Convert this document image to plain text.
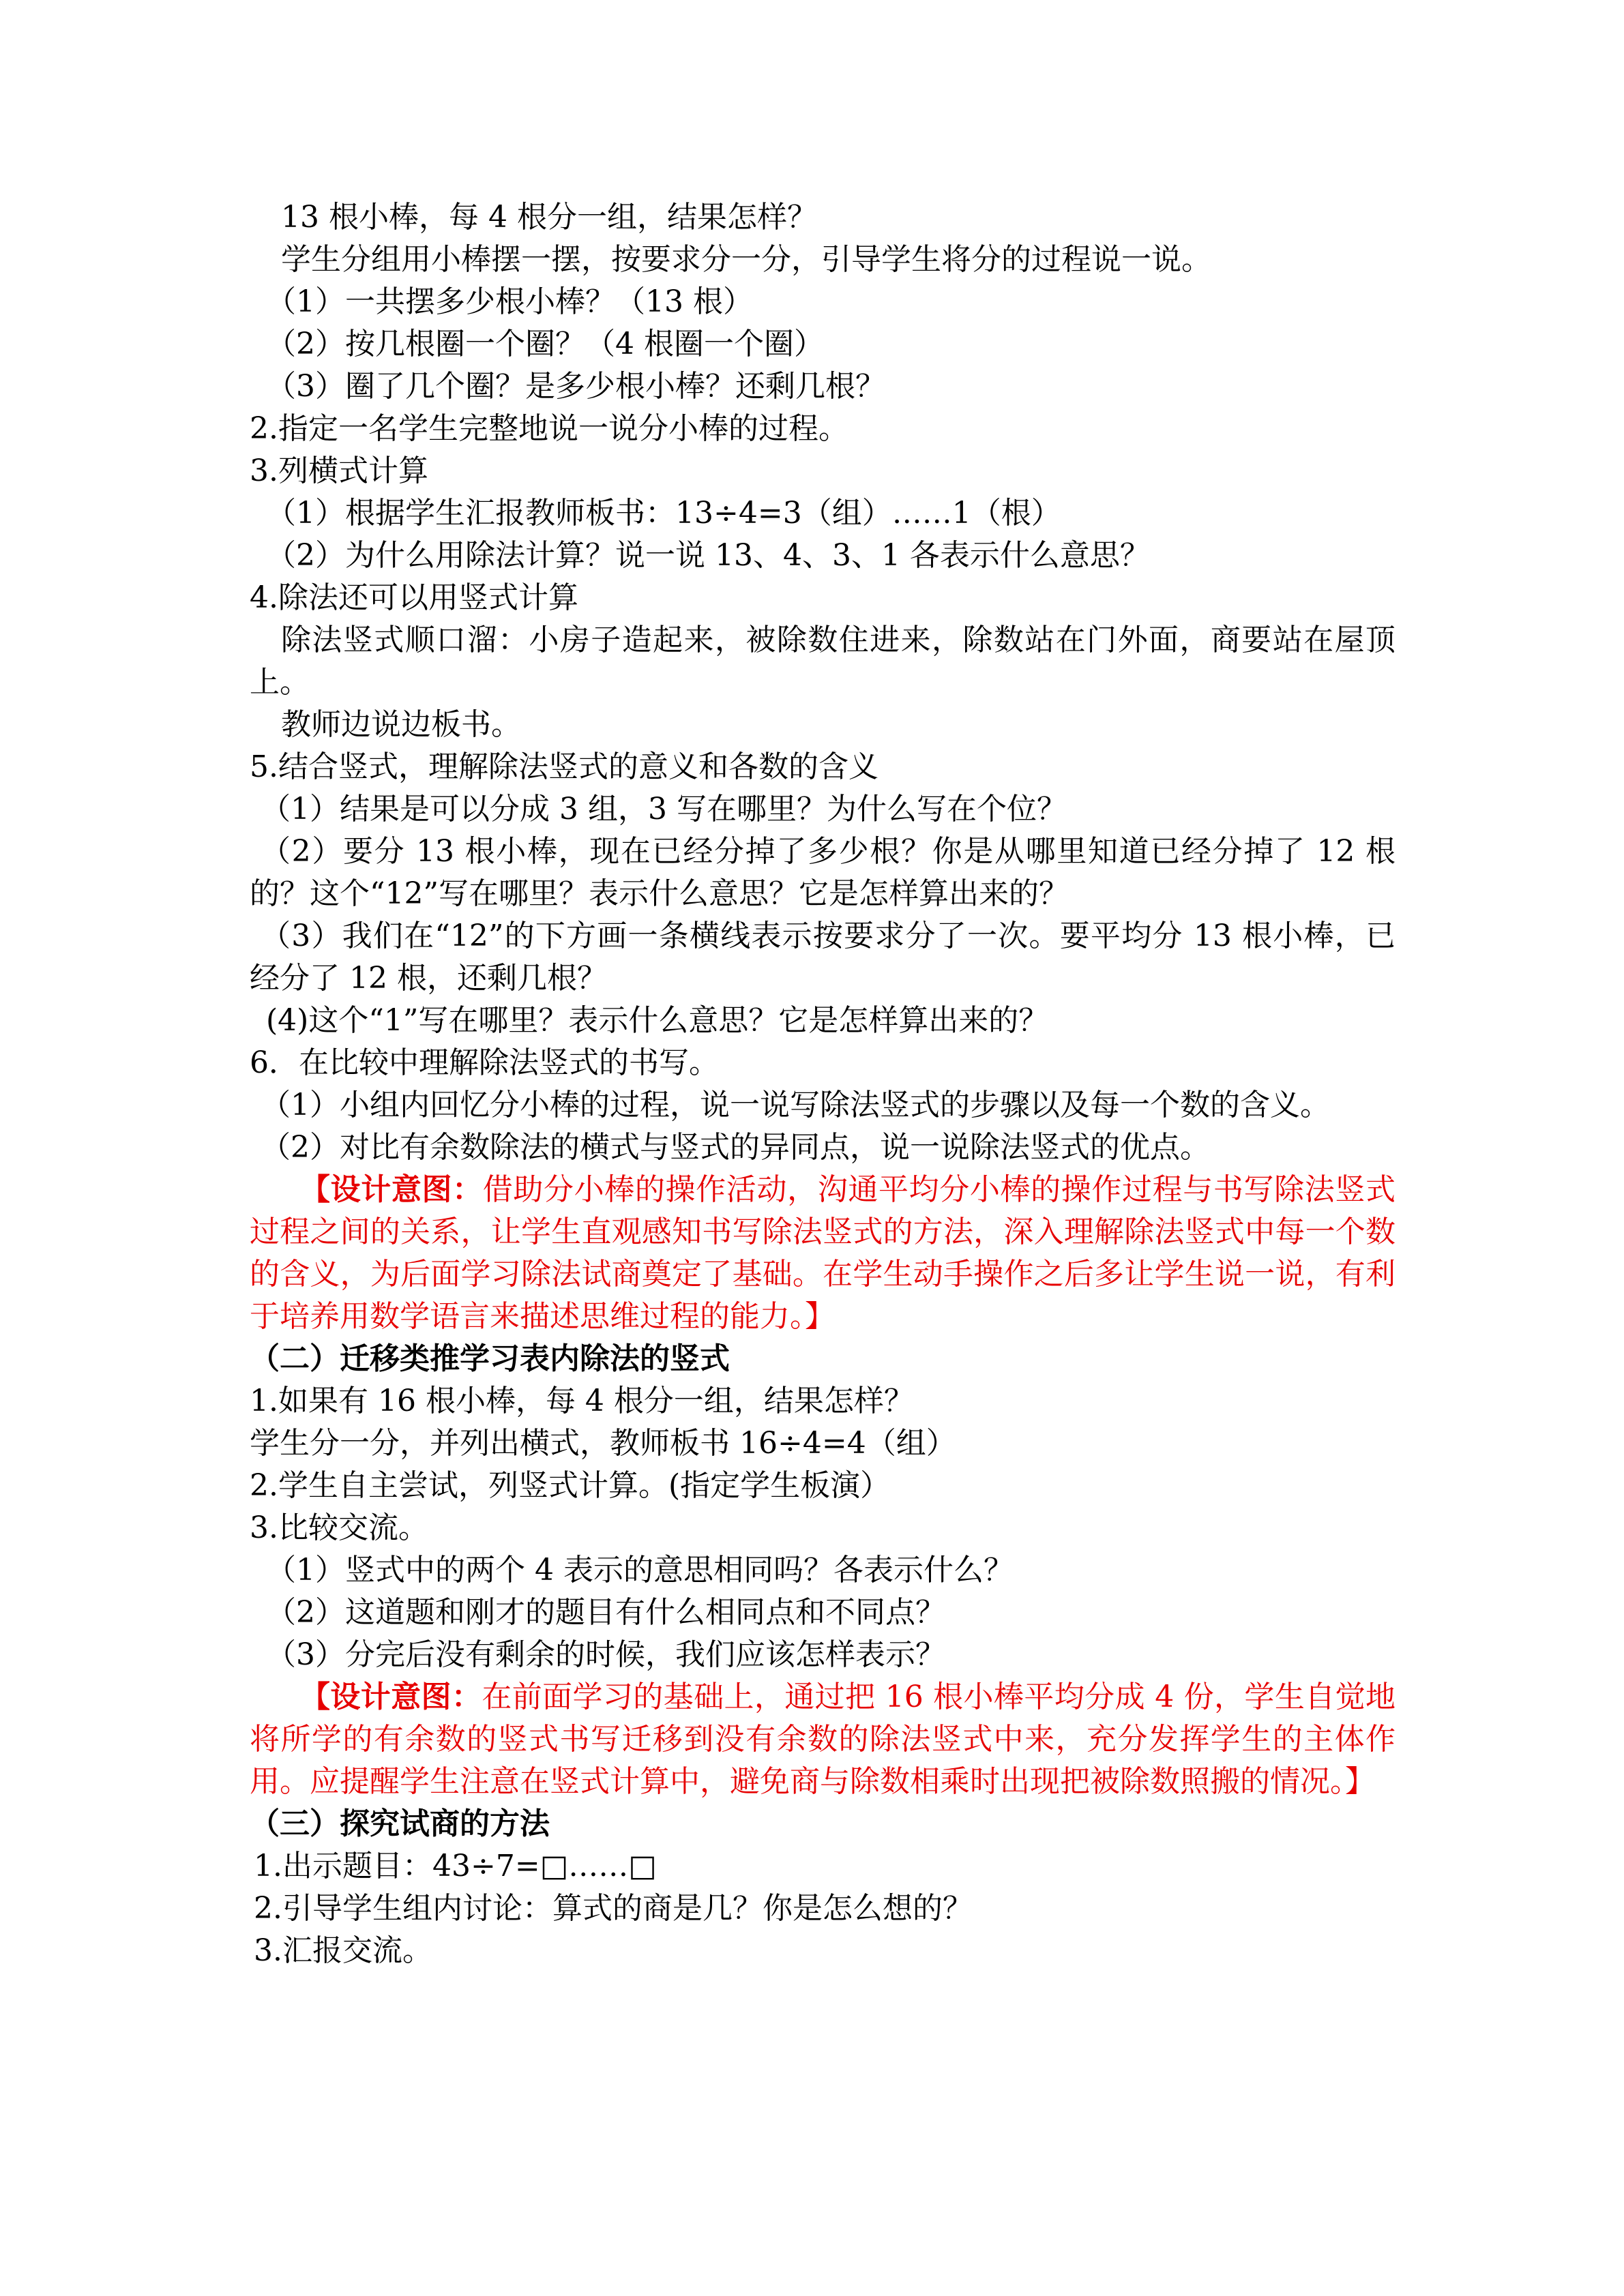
13 根小棒，每 4 根分一组，结果怎样？

学生分组用小棒摆一摆，按要求分一分，引导学生将分的过程说一说。

（1）一共摆多少根小棒？（13 根）

（2）按几根圈一个圈？（4 根圈一个圈）

（3）圈了几个圈？是多少根小棒？还剩几根？

2.指定一名学生完整地说一说分小棒的过程。

3.列横式计算

（1）根据学生汇报教师板书：13÷4=3（组）……1（根）

（2）为什么用除法计算？说一说 13、4、3、1 各表示什么意思？

4.除法还可以用竖式计算

除法竖式顺口溜：小房子造起来，被除数住进来，除数站在门外面，商要站在屋顶上。

教师边说边板书。

5.结合竖式，理解除法竖式的意义和各数的含义

（1）结果是可以分成 3 组，3 写在哪里？为什么写在个位？

（2）要分 13 根小棒，现在已经分掉了多少根？你是从哪里知道已经分掉了 12 根的？这个“12”写在哪里？表示什么意思？它是怎样算出来的？

（3）我们在“12”的下方画一条横线表示按要求分了一次。要平均分 13 根小棒，已经分了 12 根，还剩几根？

(4)这个“1”写在哪里？表示什么意思？它是怎样算出来的？

6．在比较中理解除法竖式的书写。

（1）小组内回忆分小棒的过程，说一说写除法竖式的步骤以及每一个数的含义。

（2）对比有余数除法的横式与竖式的异同点，说一说除法竖式的优点。

【设计意图：借助分小棒的操作活动，沟通平均分小棒的操作过程与书写除法竖式过程之间的关系，让学生直观感知书写除法竖式的方法，深入理解除法竖式中每一个数的含义，为后面学习除法试商奠定了基础。在学生动手操作之后多让学生说一说，有利于培养用数学语言来描述思维过程的能力。】

（二）迁移类推学习表内除法的竖式

1.如果有 16 根小棒，每 4 根分一组，结果怎样？

学生分一分，并列出横式，教师板书 16÷4=4（组）

2.学生自主尝试，列竖式计算。(指定学生板演）

3.比较交流。

（1）竖式中的两个 4 表示的意思相同吗？各表示什么？

（2）这道题和刚才的题目有什么相同点和不同点？

（3）分完后没有剩余的时候，我们应该怎样表示？

【设计意图：在前面学习的基础上，通过把 16 根小棒平均分成 4 份，学生自觉地将所学的有余数的竖式书写迁移到没有余数的除法竖式中来，充分发挥学生的主体作用。应提醒学生注意在竖式计算中，避免商与除数相乘时出现把被除数照搬的情况。】

（三）探究试商的方法

1.出示题目：43÷7=□……□

2.引导学生组内讨论：算式的商是几？你是怎么想的？

3.汇报交流。
